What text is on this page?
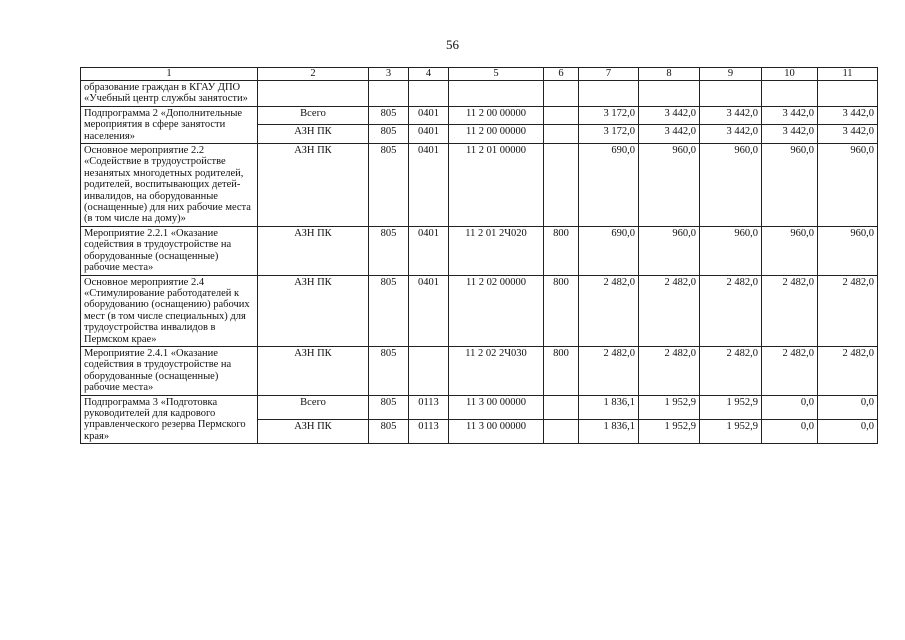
56
1	2	3	4	5	6	7	8	9	10	11
образование граждан в КГАУ ДПО «Учебный центр службы занятости»										
Подпрограмма 2 «Дополнительные мероприятия в сфере занятости населения»	Всего	805	0401	11 2 00 00000		3 172,0	3 442,0	3 442,0	3 442,0	3 442,0
	АЗН ПК	805	0401	11 2 00 00000		3 172,0	3 442,0	3 442,0	3 442,0	3 442,0
Основное мероприятие 2.2 «Содействие в трудоустройстве незанятых многодетных родителей, родителей, воспитывающих детей-инвалидов, на оборудованные (оснащенные) для них рабочие места (в том числе на дому)»	АЗН ПК	805	0401	11 2 01 00000		690,0	960,0	960,0	960,0	960,0
Мероприятие 2.2.1 «Оказание содействия в трудоустройстве на оборудованные (оснащенные) рабочие места»	АЗН ПК	805	0401	11 2 01 2Ч020	800	690,0	960,0	960,0	960,0	960,0
Основное мероприятие 2.4 «Стимулирование работодателей к оборудованию (оснащению) рабочих мест (в том числе специальных) для трудоустройства инвалидов в Пермском крае»	АЗН ПК	805	0401	11 2 02 00000	800	2 482,0	2 482,0	2 482,0	2 482,0	2 482,0
Мероприятие 2.4.1 «Оказание содействия в трудоустройстве на оборудованные (оснащенные) рабочие места»	АЗН ПК	805		11 2 02 2Ч030	800	2 482,0	2 482,0	2 482,0	2 482,0	2 482,0
Подпрограмма 3 «Подготовка руководителей для кадрового управленческого резерва Пермского края»	Всего	805	0113	11 3 00 00000		1 836,1	1 952,9	1 952,9	0,0	0,0
	АЗН ПК	805	0113	11 3 00 00000		1 836,1	1 952,9	1 952,9	0,0	0,0
